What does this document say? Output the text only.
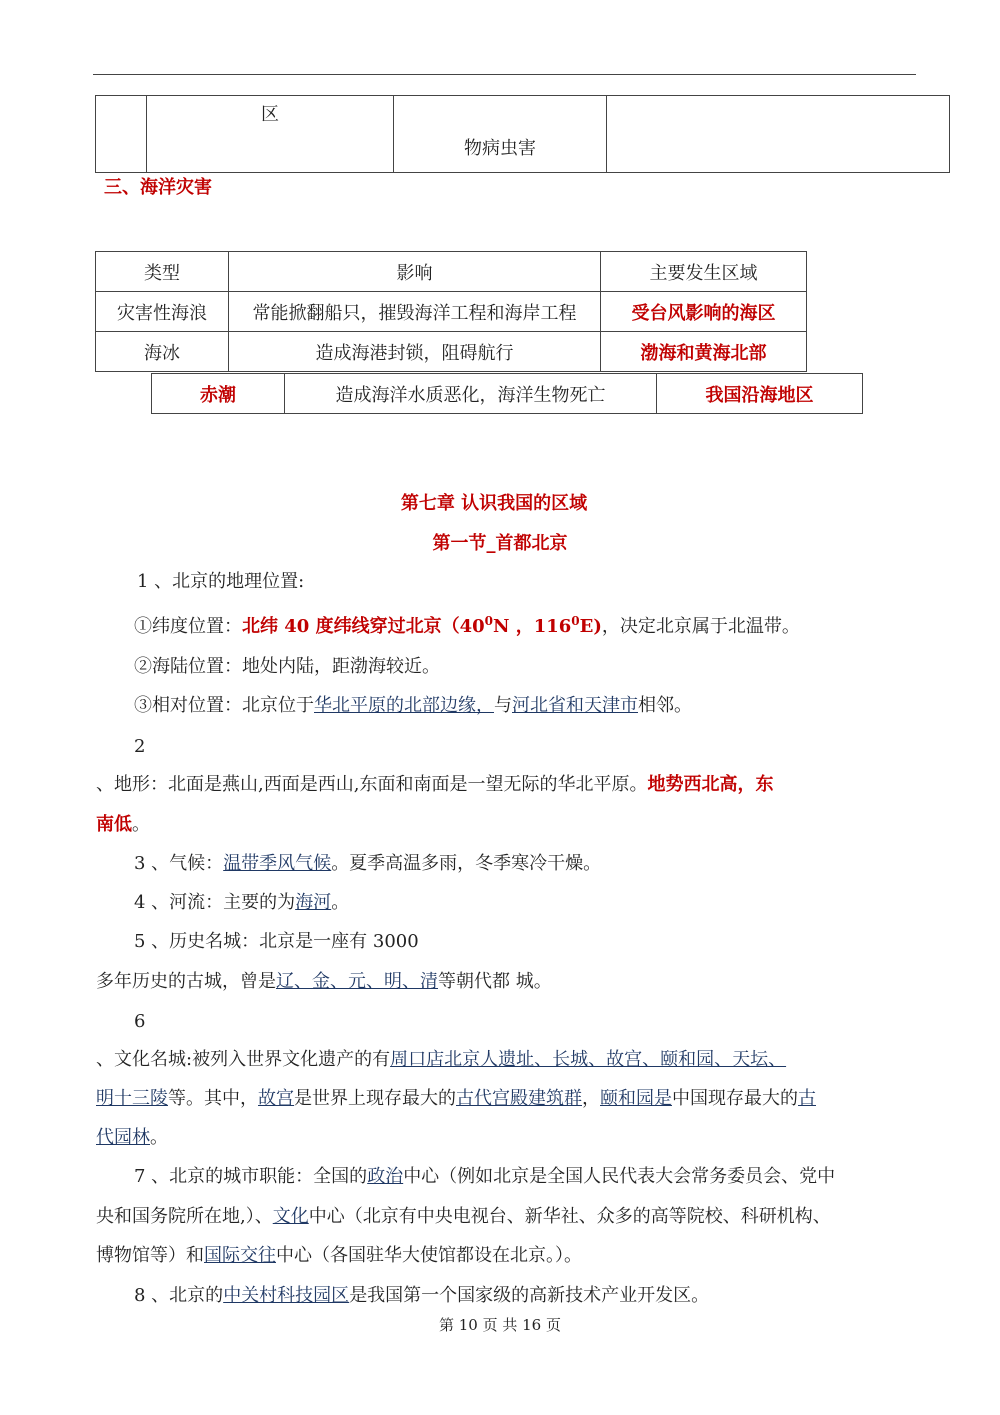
	区	物病虫害	
三、海洋灾害
类型	影响	主要发生区域
灾害性海浪	常能掀翻船只，摧毁海洋工程和海岸工程	受台风影响的海区
海冰	造成海港封锁，阻碍航行	渤海和黄海北部
赤潮	造成海洋水质恶化，海洋生物死亡	我国沿海地区
第七章 认识我国的区域
第一节_首都北京
1 、北京的地理位置:
①纬度位置：北纬 40 度纬线穿过北京（$40^0N$ ，$116^0E$)，决定北京属于北温带。
②海陆位置：地处内陆，距渤海较近。
③相对位置：北京位于华北平原的北部边缘，与河北省和天津市相邻。
2
、地形：北面是燕山,西面是西山,东面和南面是一望无际的华北平原。地势西北高，东
南低。
3 、气候：温带季风气候。夏季高温多雨，冬季寒冷干燥。
4 、河流：主要的为海河。
5 、历史名城：北京是一座有 3000
多年历史的古城，曾是辽、金、元、明、清等朝代都 城。
6
、文化名城:被列入世界文化遗产的有周口店北京人遗址、长城、故宫、颐和园、天坛、
明十三陵等。其中，故宫是世界上现存最大的古代宫殿建筑群，颐和园是中国现存最大的古
代园林。
7 、北京的城市职能：全国的政治中心（例如北京是全国人民代表大会常务委员会、党中
央和国务院所在地,）、文化中心（北京有中央电视台、新华社、众多的高等院校、科研机构、
博物馆等）和国际交往中心（各国驻华大使馆都设在北京。）。
8 、北京的中关村科技园区是我国第一个国家级的高新技术产业开发区。
第 10 页 共 16 页
